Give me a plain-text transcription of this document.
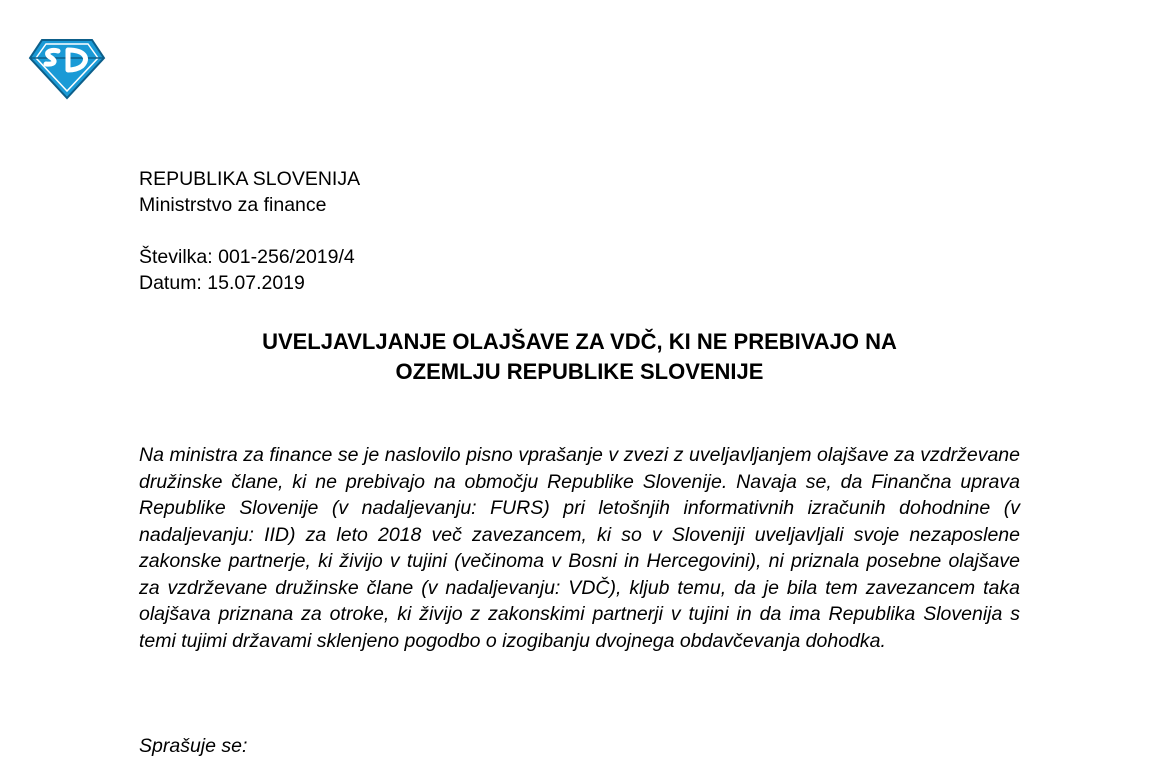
REPUBLIKA SLOVENIJA
Ministrstvo za finance
Številka: 001-256/2019/4
Datum: 15.07.2019
UVELJAVLJANJE OLAJŠAVE ZA VDČ, KI NE PREBIVAJO NA
OZEMLJU REPUBLIKE SLOVENIJE

Na ministra za finance se je naslovilo pisno vprašanje v zvezi z uveljavljanjem olajšave za vzdrževane družinske člane, ki ne prebivajo na območju Republike Slovenije. Navaja se, da Finančna uprava Republike Slovenije (v nadaljevanju: FURS) pri letošnjih informativnih izračunih dohodnine (v nadaljevanju: IID) za leto 2018 več zavezancem, ki so v Sloveniji uveljavljali svoje nezaposlene zakonske partnerje, ki živijo v tujini (večinoma v Bosni in Hercegovini), ni priznala posebne olajšave za vzdrževane družinske člane (v nadaljevanju: VDČ), kljub temu, da je bila tem zavezancem taka olajšava priznana za otroke, ki živijo z zakonskimi partnerji v tujini in da ima Republika Slovenija s temi tujimi državami sklenjeno pogodbo o izogibanju dvojnega obdavčevanja dohodka.

Sprašuje se:
